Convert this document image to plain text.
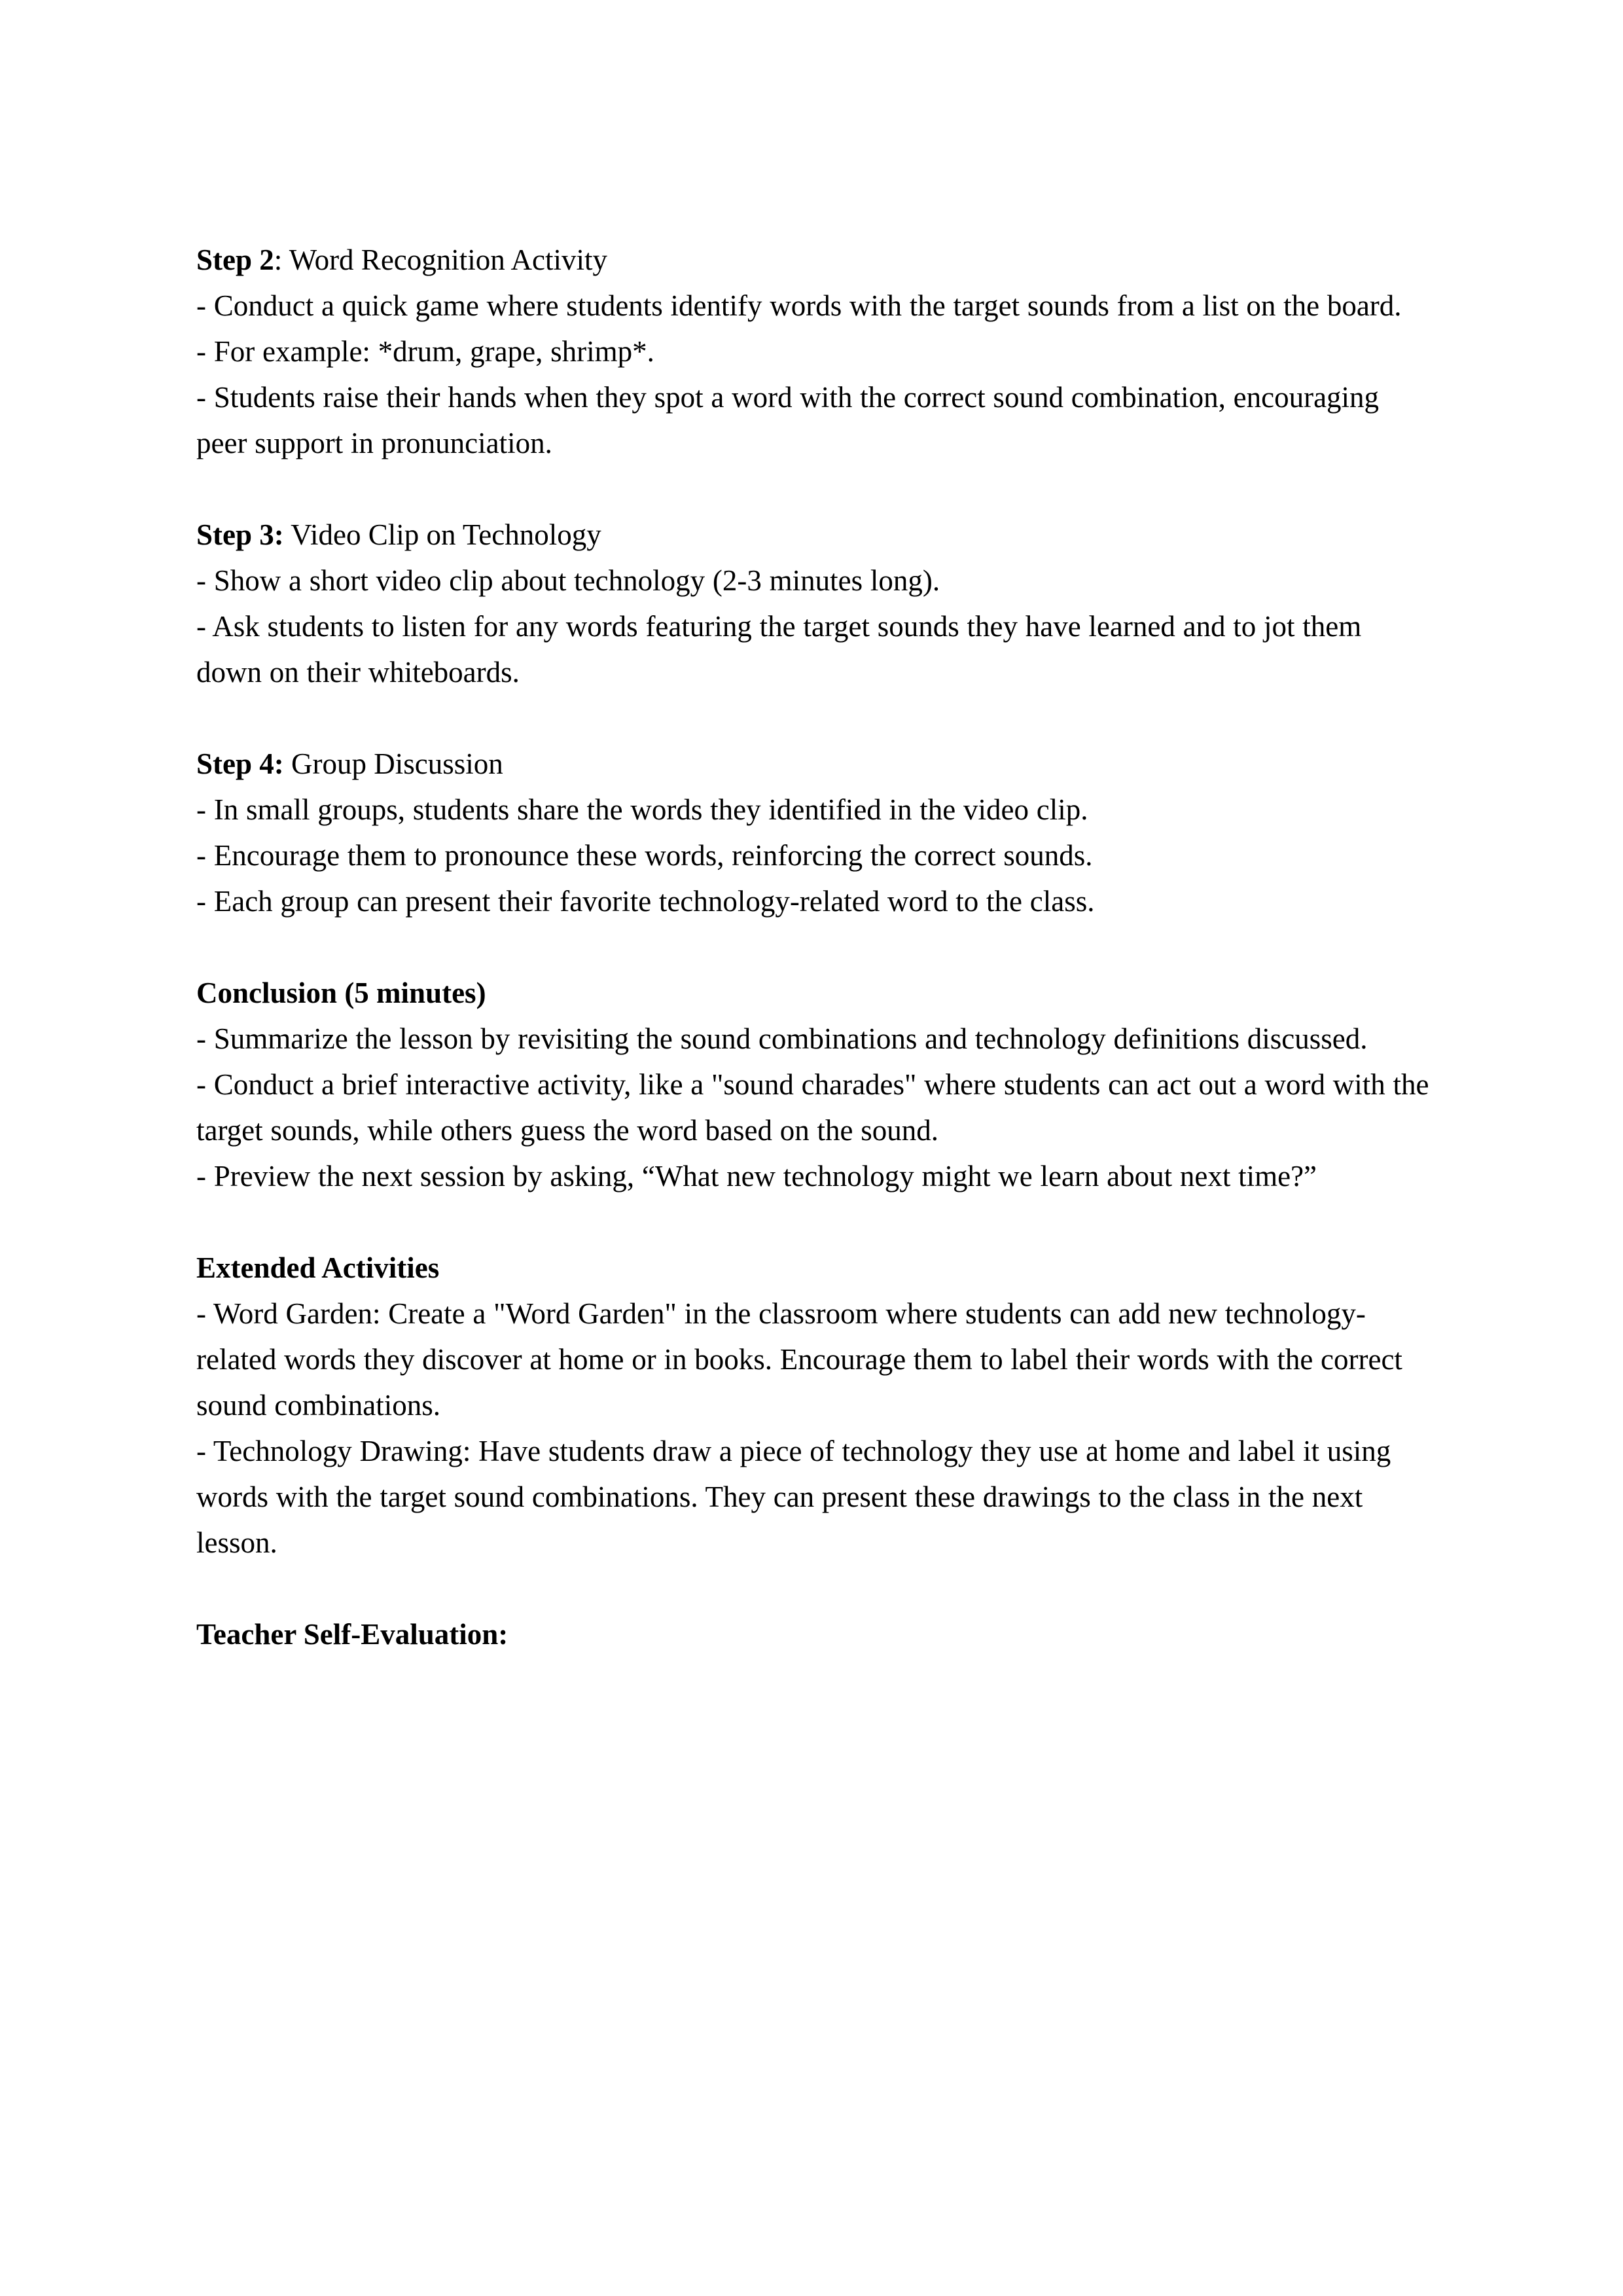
Step 2: Word Recognition Activity

- Conduct a quick game where students identify words with the target sounds from a list on the board.

- For example: *drum, grape, shrimp*.

- Students raise their hands when they spot a word with the correct sound combination, encouraging peer support in pronunciation.

Step 3: Video Clip on Technology

- Show a short video clip about technology (2-3 minutes long).

- Ask students to listen for any words featuring the target sounds they have learned and to jot them down on their whiteboards.

Step 4: Group Discussion

- In small groups, students share the words they identified in the video clip.

- Encourage them to pronounce these words, reinforcing the correct sounds.

- Each group can present their favorite technology-related word to the class.

Conclusion (5 minutes)

- Summarize the lesson by revisiting the sound combinations and technology definitions discussed.

- Conduct a brief interactive activity, like a "sound charades" where students can act out a word with the target sounds, while others guess the word based on the sound.

- Preview the next session by asking, “What new technology might we learn about next time?”

Extended Activities

- Word Garden: Create a "Word Garden" in the classroom where students can add new technology-related words they discover at home or in books. Encourage them to label their words with the correct sound combinations.

- Technology Drawing: Have students draw a piece of technology they use at home and label it using words with the target sound combinations. They can present these drawings to the class in the next lesson.

Teacher Self-Evaluation:
